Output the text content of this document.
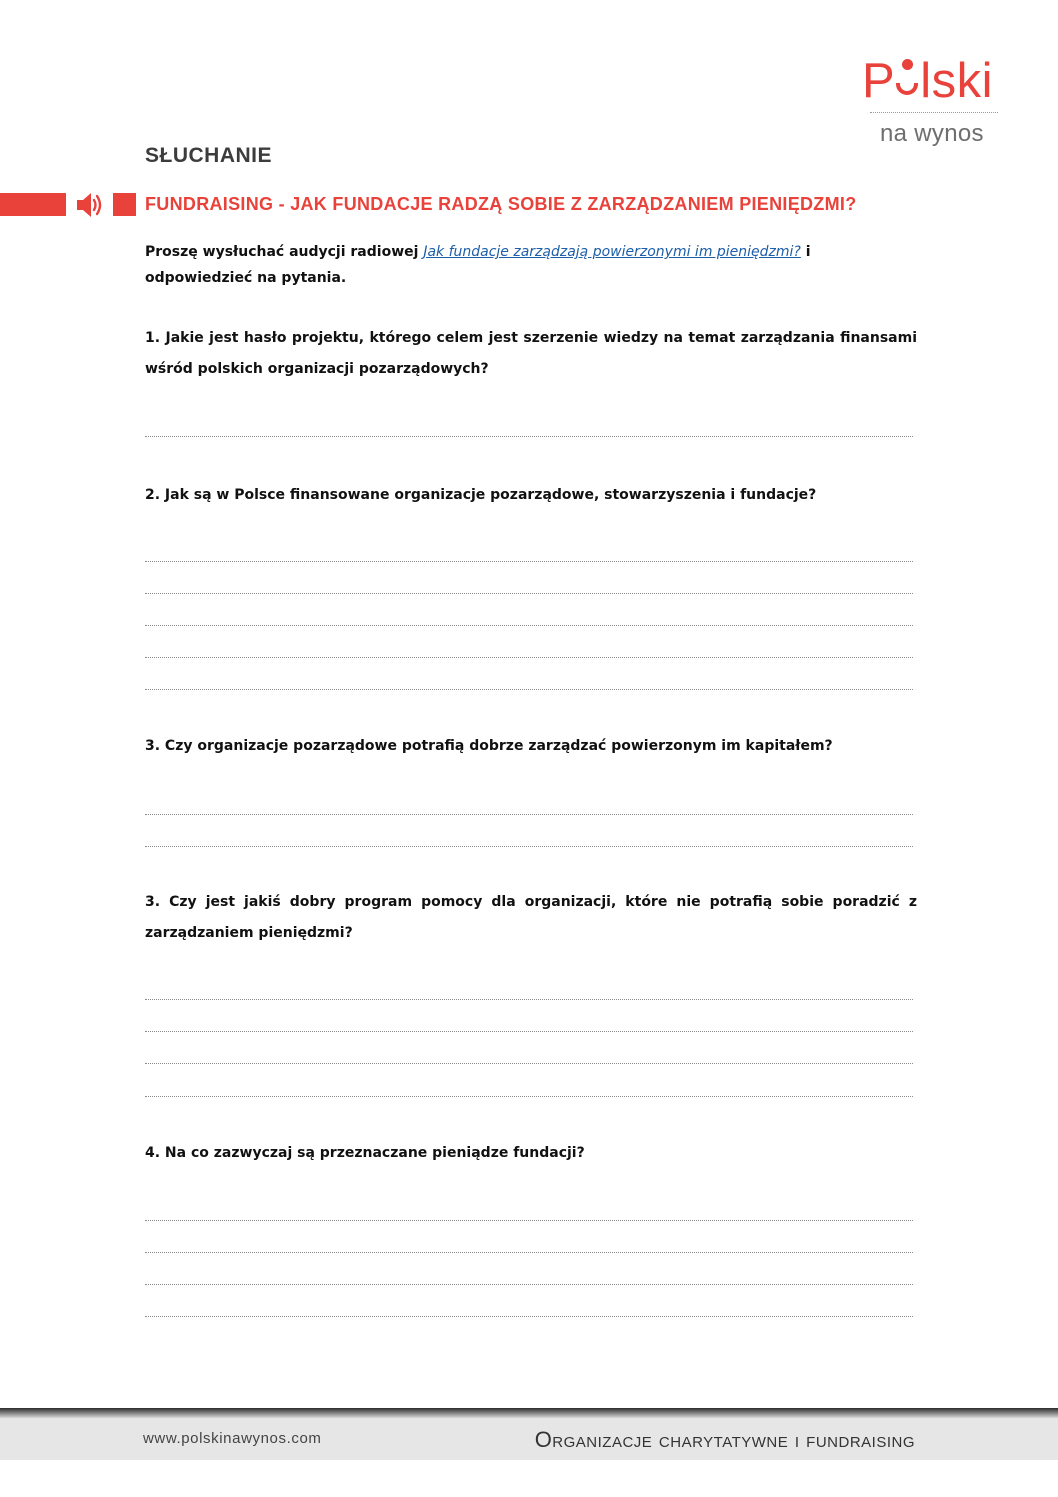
P lski
na wynos
SŁUCHANIE
FUNDRAISING - JAK FUNDACJE RADZĄ SOBIE Z ZARZĄDZANIEM PIENIĘDZMI?
Proszę wysłuchać audycji radiowej Jak fundacje zarządzają powierzonymi im pieniędzmi? i odpowiedzieć na pytania.
1. Jakie jest hasło projektu, którego celem jest szerzenie wiedzy na temat zarządzania finansami wśród polskich organizacji pozarządowych?
2. Jak są w Polsce finansowane organizacje pozarządowe, stowarzyszenia i fundacje?
3. Czy organizacje pozarządowe potrafią dobrze zarządzać powierzonym im kapitałem?
3. Czy jest jakiś dobry program pomocy dla organizacji, które nie potrafią sobie poradzić z zarządzaniem pieniędzmi?
4. Na co zazwyczaj są przeznaczane pieniądze fundacji?
www.polskinawynos.com	Organizacje charytatywne i fundraising
